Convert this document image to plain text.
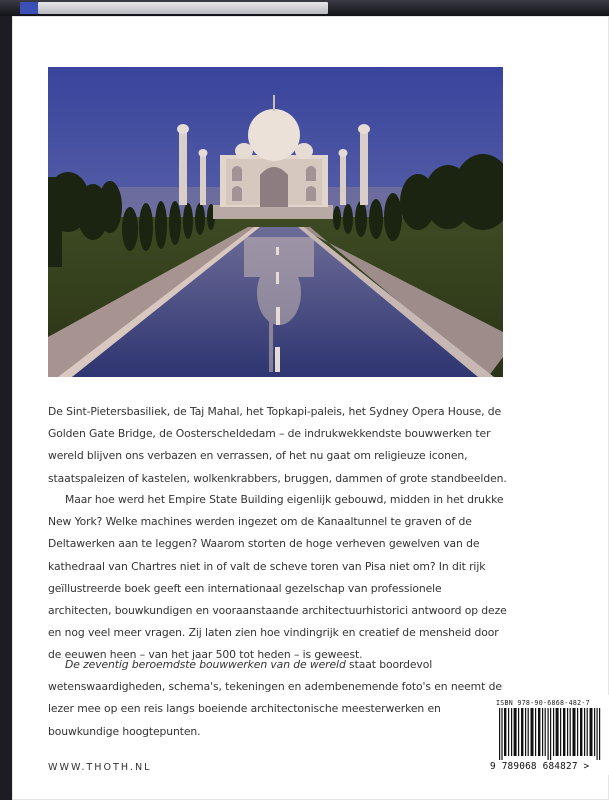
De Sint-Pietersbasiliek, de Taj Mahal, het Topkapi-paleis, het Sydney Opera House, de Golden Gate Bridge, de Oosterscheldedam – de indrukwekkendste bouwwerken ter wereld blijven ons verbazen en verrassen, of het nu gaat om religieuze iconen, staatspaleizen of kastelen, wolkenkrabbers, bruggen, dammen of grote standbeelden.

Maar hoe werd het Empire State Building eigenlijk gebouwd, midden in het drukke New York? Welke machines werden ingezet om de Kanaaltunnel te graven of de Deltawerken aan te leggen? Waarom storten de hoge verheven gewelven van de kathedraal van Chartres niet in of valt de scheve toren van Pisa niet om? In dit rijk geïllustreerde boek geeft een internationaal gezelschap van professionele architecten, bouwkundigen en vooraanstaande architectuurhistorici antwoord op deze en nog veel meer vragen. Zij laten zien hoe vindingrijk en creatief de mensheid door de eeuwen heen – van het jaar 500 tot heden – is geweest.

De zeventig beroemdste bouwwerken van de wereld staat boordevol wetenswaardigheden, schema's, tekeningen en adembenemende foto's en neemt de lezer mee op een reis langs boeiende architectonische meesterwerken en bouwkundige hoogtepunten.

WWW.THOTH.NL
ISBN 978-90-6868-482-7
9 789068 684827 >
